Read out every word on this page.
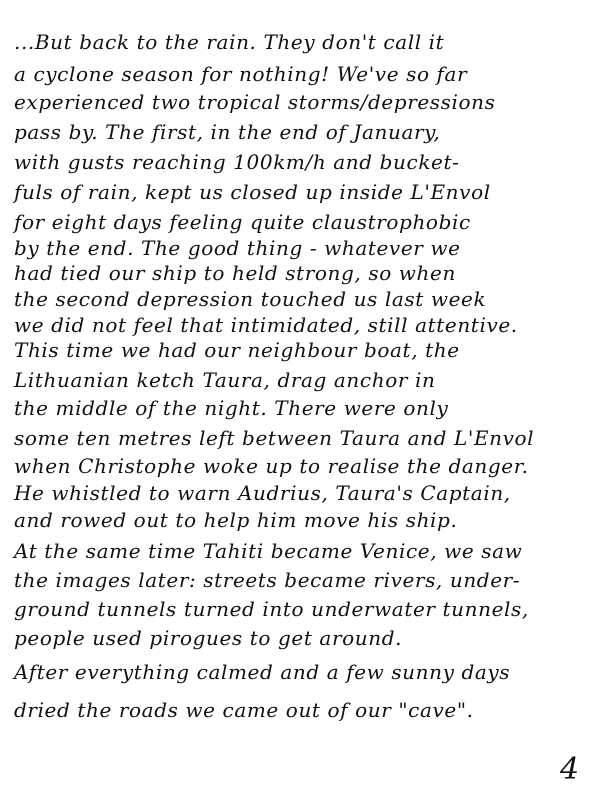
...But back to the rain. They don't call it
a cyclone season for nothing! We've so far
experienced two tropical storms/depressions
pass by. The first, in the end of January,
with gusts reaching 100km/h and bucket-
fuls of rain, kept us closed up inside L'Envol
for eight days feeling quite claustrophobic
by the end. The good thing - whatever we
had tied our ship to held strong, so when
the second depression touched us last week
we did not feel that intimidated, still attentive.
This time we had our neighbour boat, the
Lithuanian ketch Taura, drag anchor in
the middle of the night. There were only
some ten metres left between Taura and L'Envol
when Christophe woke up to realise the danger.
He whistled to warn Audrius, Taura's Captain,
and rowed out to help him move his ship.
At the same time Tahiti became Venice, we saw
the images later: streets became rivers, under-
ground tunnels turned into underwater tunnels,
people used pirogues to get around.
After everything calmed and a few sunny days
dried the roads we came out of our "cave".
4
